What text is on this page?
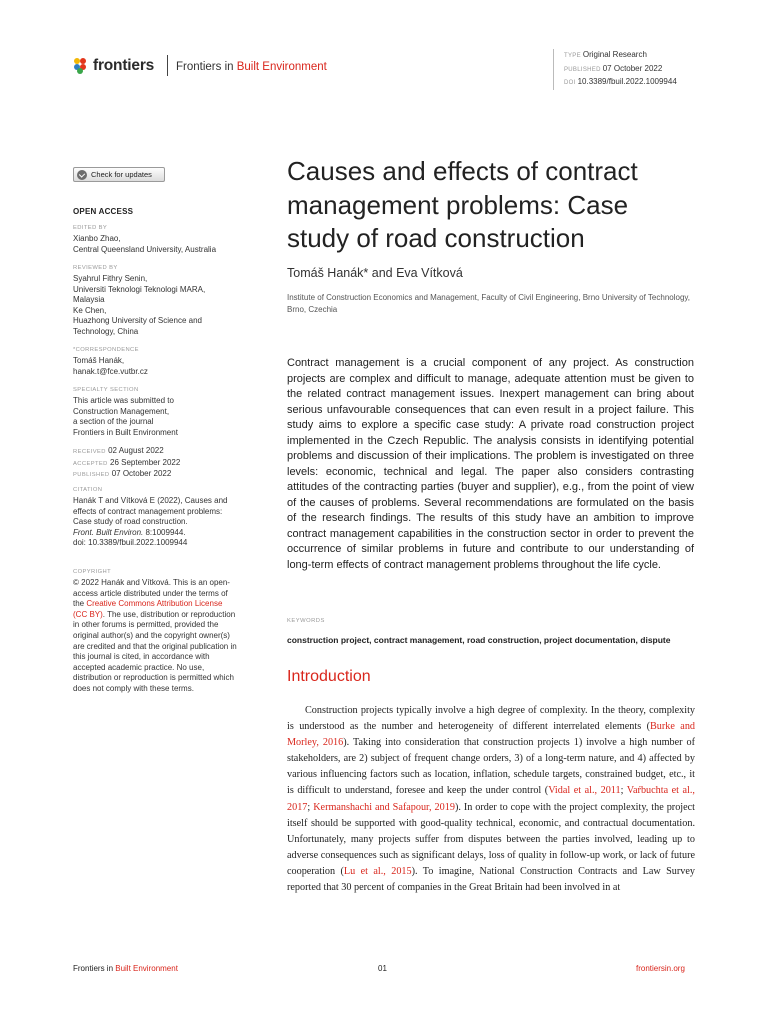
frontiers Frontiers in Built Environment
TYPE Original Research
PUBLISHED 07 October 2022
DOI 10.3389/fbuil.2022.1009944
Check for updates
OPEN ACCESS
EDITED BY
Xianbo Zhao,
Central Queensland University, Australia
REVIEWED BY
Syahrul Fithry Senin,
Universiti Teknologi Teknologi MARA,
Malaysia
Ke Chen,
Huazhong University of Science and
Technology, China
*CORRESPONDENCE
Tomáš Hanák,
hanak.t@fce.vutbr.cz
SPECIALTY SECTION
This article was submitted to
Construction Management,
a section of the journal
Frontiers in Built Environment
RECEIVED 02 August 2022
ACCEPTED 26 September 2022
PUBLISHED 07 October 2022
CITATION
Hanák T and Vítková E (2022), Causes and effects of contract management problems: Case study of road construction.
Front. Built Environ. 8:1009944.
doi: 10.3389/fbuil.2022.1009944
COPYRIGHT
© 2022 Hanák and Vítková. This is an open-access article distributed under the terms of the Creative Commons Attribution License (CC BY). The use, distribution or reproduction in other forums is permitted, provided the original author(s) and the copyright owner(s) are credited and that the original publication in this journal is cited, in accordance with accepted academic practice. No use, distribution or reproduction is permitted which does not comply with these terms.
Causes and effects of contract management problems: Case study of road construction
Tomáš Hanák* and Eva Vítková
Institute of Construction Economics and Management, Faculty of Civil Engineering, Brno University of Technology, Brno, Czechia
Contract management is a crucial component of any project. As construction projects are complex and difficult to manage, adequate attention must be given to the related contract management issues. Inexpert management can bring about serious unfavourable consequences that can even result in a project failure. This study aims to explore a specific case study: A private road construction project implemented in the Czech Republic. The analysis consists in identifying potential problems and discussion of their implications. The problem is investigated on three levels: economic, technical and legal. The paper also considers contrasting attitudes of the contracting parties (buyer and supplier), e.g., from the point of view of the causes of problems. Several recommendations are formulated on the basis of the research findings. The results of this study have an ambition to improve contract management capabilities in the construction sector in order to prevent the occurrence of similar problems in future and contribute to our understanding of long-term effects of contract management problems throughout the life cycle.
KEYWORDS
construction project, contract management, road construction, project documentation, dispute
Introduction
Construction projects typically involve a high degree of complexity. In the theory, complexity is understood as the number and heterogeneity of different interrelated elements (Burke and Morley, 2016). Taking into consideration that construction projects 1) involve a high number of stakeholders, are 2) subject of frequent change orders, 3) of a long-term nature, and 4) affected by various influencing factors such as location, inflation, schedule targets, constrained budget, etc., it is difficult to understand, foresee and keep the under control (Vidal et al., 2011; Vaŕbuchta et al., 2017; Kermanshachi and Safapour, 2019). In order to cope with the project complexity, the project itself should be supported with good-quality technical, economic, and contractual documentation. Unfortunately, many projects suffer from disputes between the parties involved, leading up to adverse consequences such as significant delays, loss of quality in follow-up work, or lack of future cooperation (Lu et al., 2015). To imagine, National Construction Contracts and Law Survey reported that 30 percent of companies in the Great Britain had been involved in at
Frontiers in Built Environment	01	frontiersin.org
